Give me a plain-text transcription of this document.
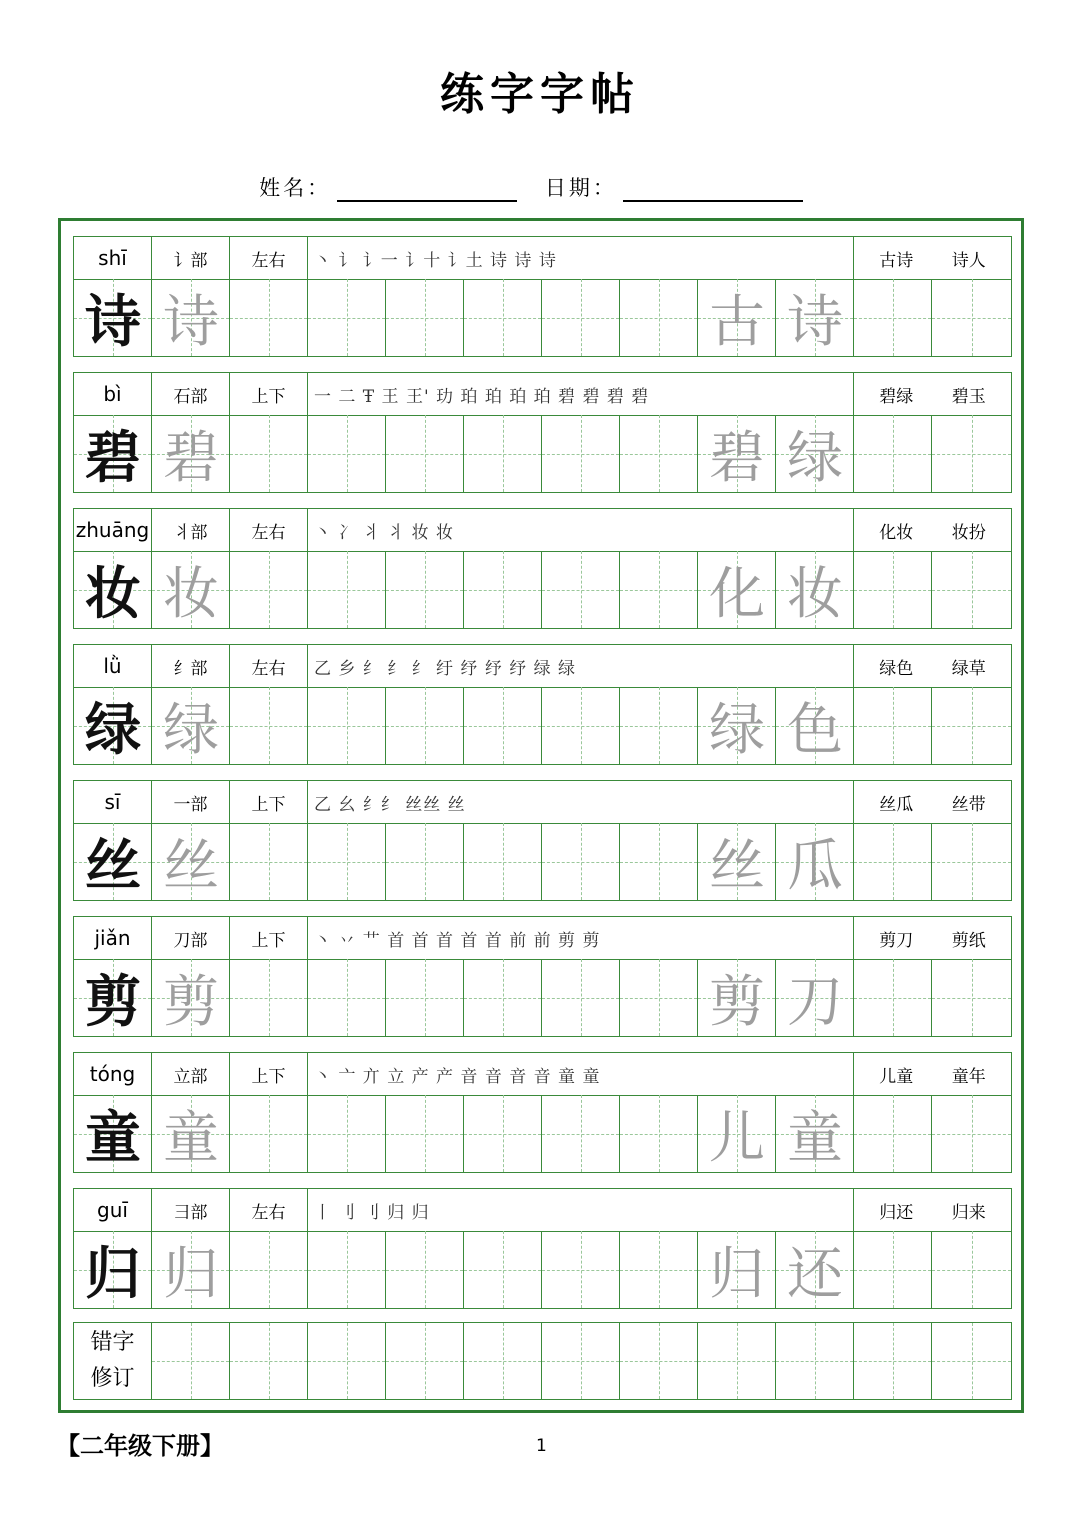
练字字帖
姓名：	日期：
shī	讠部	左右	丶 讠 讠一 讠十 讠土 诗 诗 诗	古诗 诗人
诗 诗	古 诗
bì	石部	上下	一 二 Ŧ 王 王' 玏 珀 珀 珀 珀 碧 碧 碧 碧	碧绿 碧玉
碧 碧	碧 绿
zhuāng	丬部	左右	丶 冫 丬 丬 妆 妆	化妆 妆扮
妆 妆	化 妆
lǜ	纟部	左右	乙 乡 纟 纟 纟 纡 纾 纾 纾 绿 绿	绿色 绿草
绿 绿	绿 色
sī	一部	上下	乙 幺 纟纟 丝丝 丝	丝瓜 丝带
丝 丝	丝 瓜
jiǎn	刀部	上下	丶 丷 艹 首 首 首 首 首 前 前 剪 剪	剪刀 剪纸
剪 剪	剪 刀
tóng	立部	上下	丶 亠 亣 立 产 产 音 音 音 音 童 童	儿童 童年
童 童	儿 童
guī	彐部	左右	丨 刂 刂 归 归	归还 归来
归 归	归 还
错字
修订
【二年级下册】	1
